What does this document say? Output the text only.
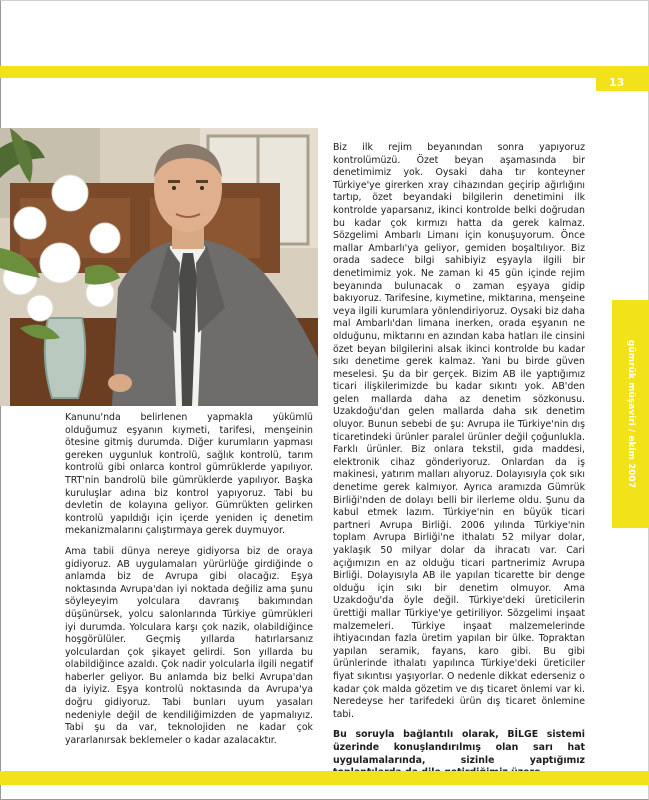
13
gümrük müşaviri / ekim 2007

Kanunu'nda belirlenen yapmakla yükümlü olduğumuz eşyanın kıymeti, tarifesi, menşeinin ötesine gitmiş durumda. Diğer kurumların yapması gereken uygunluk kontrolü, sağlık kontrolü, tarım kontrolü gibi onlarca kontrol gümrüklerde yapılıyor. TRT'nin bandrolü bile gümrüklerde yapılıyor. Başka kuruluşlar adına biz kontrol yapıyoruz. Tabi bu devletin de kolayına geliyor. Gümrükten gelirken kontrolü yapıldığı için içerde yeniden iç denetim mekanizmalarını çalıştırmaya gerek duymuyor.

Ama tabii dünya nereye gidiyorsa biz de oraya gidiyoruz. AB uygulamaları yürürlüğe girdiğinde o anlamda biz de Avrupa gibi olacağız. Eşya noktasında Avrupa'dan iyi noktada değiliz ama şunu söyleyeyim yolculara davranış bakımından düşünürsek, yolcu salonlarında Türkiye gümrükleri iyi durumda. Yolculara karşı çok nazik, olabildiğince hoşgörülüler. Geçmiş yıllarda hatırlarsanız yolculardan çok şikayet gelirdi. Son yıllarda bu olabildiğince azaldı. Çok nadir yolcularla ilgili negatif haberler geliyor. Bu anlamda biz belki Avrupa'dan da iyiyiz. Eşya kontrolü noktasında da Avrupa'ya doğru gidiyoruz. Tabi bunları uyum yasaları nedeniyle değil de kendiliğimizden de yapmalıyız. Tabi şu da var, teknolojiden ne kadar çok yararlanırsak beklemeler o kadar azalacaktır.

Biz ilk rejim beyanından sonra yapıyoruz kontrolümüzü. Özet beyan aşamasında bir denetimimiz yok. Oysaki daha tır konteyner Türkiye'ye girerken xray cihazından geçirip ağırlığını tartıp, özet beyandaki bilgilerin denetimini ilk kontrolde yaparsanız, ikinci kontrolde belki doğrudan bu kadar çok kırmızı hatta da gerek kalmaz. Sözgelimi Ambarlı Limanı için konuşuyorum. Önce mallar Ambarlı'ya geliyor, gemiden boşaltılıyor. Biz orada sadece bilgi sahibiyiz eşyayla ilgili bir denetimimiz yok. Ne zaman ki 45 gün içinde rejim beyanında bulunacak o zaman eşyaya gidip bakıyoruz. Tarifesine, kıymetine, miktarına, menşeine veya ilgili kurumlara yönlendiriyoruz. Oysaki biz daha mal Ambarlı'dan limana inerken, orada eşyanın ne olduğunu, miktarını en azından kaba hatları ile cinsini özet beyan bilgilerini alsak ikinci kontrolde bu kadar sıkı denetime gerek kalmaz. Yani bu birde güven meselesi. Şu da bir gerçek. Bizim AB ile yaptığımız ticari ilişkilerimizde bu kadar sıkıntı yok. AB'den gelen mallarda daha az denetim sözkonusu. Uzakdoğu'dan gelen mallarda daha sık denetim oluyor. Bunun sebebi de şu: Avrupa ile Türkiye'nin dış ticaretindeki ürünler paralel ürünler değil çoğunlukla. Farklı ürünler. Biz onlara tekstil, gıda maddesi, elektronik cihaz gönderiyoruz. Onlardan da iş makinesi, yatırım malları alıyoruz. Dolayısıyla çok sıkı denetime gerek kalmıyor. Ayrıca aramızda Gümrük Birliği'nden de dolayı belli bir ilerleme oldu. Şunu da kabul etmek lazım. Türkiye'nin en büyük ticari partneri Avrupa Birliği. 2006 yılında Türkiye'nin toplam Avrupa Birliği'ne ithalatı 52 milyar dolar, yaklaşık 50 milyar dolar da ihracatı var. Cari açığımızın en az olduğu ticari partnerimiz Avrupa Birliği. Dolayısıyla AB ile yapılan ticarette bir denge olduğu için sıkı bir denetim olmuyor. Ama Uzakdoğu'da öyle değil. Türkiye'deki üreticilerin ürettiği mallar Türkiye'ye getiriliyor. Sözgelimi inşaat malzemeleri. Türkiye inşaat malzemelerinde ihtiyacından fazla üretim yapılan bir ülke. Topraktan yapılan seramik, fayans, karo gibi. Bu gibi ürünlerinde ithalatı yapılınca Türkiye'deki üreticiler fiyat sıkıntısı yaşıyorlar. O nedenle dikkat ederseniz o kadar çok malda gözetim ve dış ticaret önlemi var ki. Neredeyse her tarifedeki ürün dış ticaret önlemine tabi.

Bu soruyla bağlantılı olarak, BİLGE sistemi üzerinde konuşlandırılmış olan sarı hat uygulamalarında, sizinle yaptığımız
